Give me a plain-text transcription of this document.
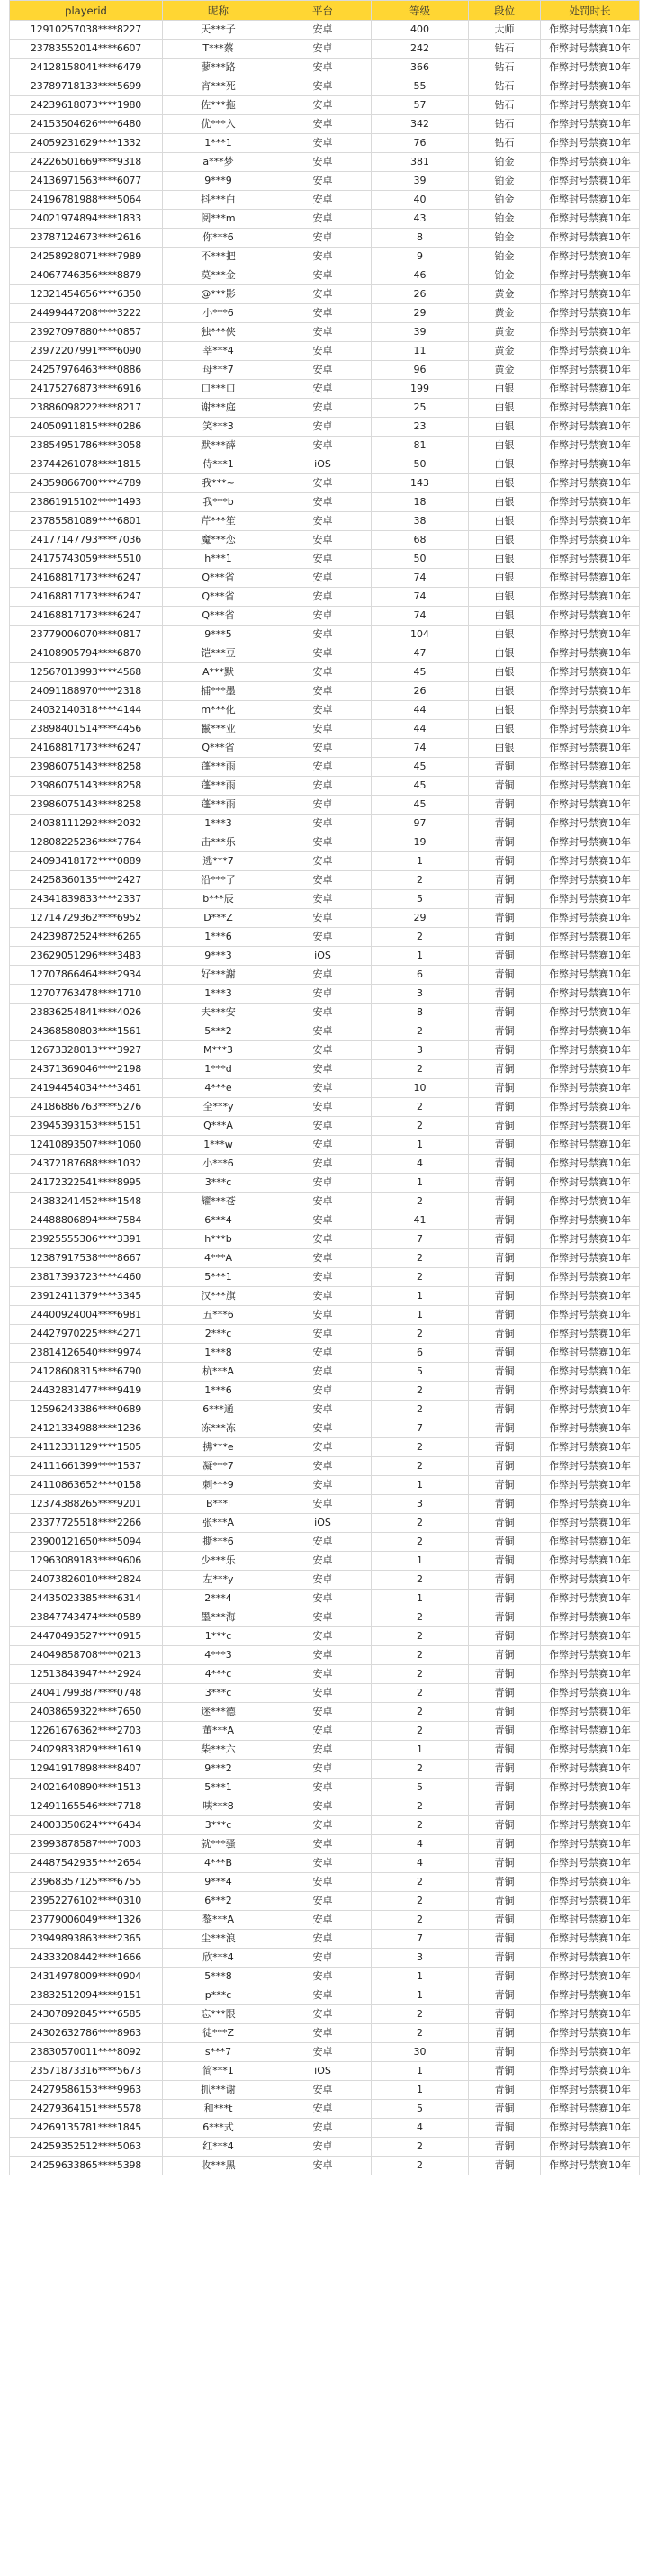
playerid	昵称	平台	等级	段位	处罚时长
12910257038****8227	天***子	安卓	400	大师	作弊封号禁赛10年
23783552014****6607	T***蔡	安卓	242	钻石	作弊封号禁赛10年
24128158041****6479	蓼***路	安卓	366	钻石	作弊封号禁赛10年
23789718133****5699	宵***死	安卓	55	钻石	作弊封号禁赛10年
24239618073****1980	佐***拖	安卓	57	钻石	作弊封号禁赛10年
24153504626****6480	优***入	安卓	342	钻石	作弊封号禁赛10年
24059231629****1332	1***1	安卓	76	钻石	作弊封号禁赛10年
24226501669****9318	a***梦	安卓	381	铂金	作弊封号禁赛10年
24136971563****6077	9***9	安卓	39	铂金	作弊封号禁赛10年
24196781988****5064	抖***白	安卓	40	铂金	作弊封号禁赛10年
24021974894****1833	阅***m	安卓	43	铂金	作弊封号禁赛10年
23787124673****2616	你***6	安卓	8	铂金	作弊封号禁赛10年
24258928071****7989	不***把	安卓	9	铂金	作弊封号禁赛10年
24067746356****8879	莫***金	安卓	46	铂金	作弊封号禁赛10年
12321454656****6350	@***影	安卓	26	黄金	作弊封号禁赛10年
24499447208****3222	小***6	安卓	29	黄金	作弊封号禁赛10年
23927097880****0857	独***侠	安卓	39	黄金	作弊封号禁赛10年
23972207991****6090	莘***4	安卓	11	黄金	作弊封号禁赛10年
24257976463****0886	母***7	安卓	96	黄金	作弊封号禁赛10年
24175276873****6916	口***口	安卓	199	白银	作弊封号禁赛10年
23886098222****8217	谢***庭	安卓	25	白银	作弊封号禁赛10年
24050911815****0286	笑***3	安卓	23	白银	作弊封号禁赛10年
23854951786****3058	默***薛	安卓	81	白银	作弊封号禁赛10年
23744261078****1815	侍***1	iOS	50	白银	作弊封号禁赛10年
24359866700****4789	我***~	安卓	143	白银	作弊封号禁赛10年
23861915102****1493	我***b	安卓	18	白银	作弊封号禁赛10年
23785581089****6801	芹***笙	安卓	38	白银	作弊封号禁赛10年
24177147793****7036	魔***恋	安卓	68	白银	作弊封号禁赛10年
24175743059****5510	h***1	安卓	50	白银	作弊封号禁赛10年
24168817173****6247	Q***省	安卓	74	白银	作弊封号禁赛10年
24168817173****6247	Q***省	安卓	74	白银	作弊封号禁赛10年
24168817173****6247	Q***省	安卓	74	白银	作弊封号禁赛10年
23779006070****0817	9***5	安卓	104	白银	作弊封号禁赛10年
24108905794****6870	铠***豆	安卓	47	白银	作弊封号禁赛10年
12567013993****4568	A***默	安卓	45	白银	作弊封号禁赛10年
24091188970****2318	捕***墨	安卓	26	白银	作弊封号禁赛10年
24032140318****4144	m***化	安卓	44	白银	作弊封号禁赛10年
23898401514****4456	鬣***业	安卓	44	白银	作弊封号禁赛10年
24168817173****6247	Q***省	安卓	74	白银	作弊封号禁赛10年
23986075143****8258	蓬***雨	安卓	45	青铜	作弊封号禁赛10年
23986075143****8258	蓬***雨	安卓	45	青铜	作弊封号禁赛10年
23986075143****8258	蓬***雨	安卓	45	青铜	作弊封号禁赛10年
24038111292****2032	1***3	安卓	97	青铜	作弊封号禁赛10年
12808225236****7764	击***乐	安卓	19	青铜	作弊封号禁赛10年
24093418172****0889	逃***7	安卓	1	青铜	作弊封号禁赛10年
24258360135****2427	沿***了	安卓	2	青铜	作弊封号禁赛10年
24341839833****2337	b***辰	安卓	5	青铜	作弊封号禁赛10年
12714729362****6952	D***Z	安卓	29	青铜	作弊封号禁赛10年
24239872524****6265	1***6	安卓	2	青铜	作弊封号禁赛10年
23629051296****3483	9***3	iOS	1	青铜	作弊封号禁赛10年
12707866464****2934	好***謝	安卓	6	青铜	作弊封号禁赛10年
12707763478****1710	1***3	安卓	3	青铜	作弊封号禁赛10年
23836254841****4026	夫***安	安卓	8	青铜	作弊封号禁赛10年
24368580803****1561	5***2	安卓	2	青铜	作弊封号禁赛10年
12673328013****3927	M***3	安卓	3	青铜	作弊封号禁赛10年
24371369046****2198	1***d	安卓	2	青铜	作弊封号禁赛10年
24194454034****3461	4***e	安卓	10	青铜	作弊封号禁赛10年
24186886763****5276	全***y	安卓	2	青铜	作弊封号禁赛10年
23945393153****5151	Q***A	安卓	2	青铜	作弊封号禁赛10年
12410893507****1060	1***w	安卓	1	青铜	作弊封号禁赛10年
24372187688****1032	小***6	安卓	4	青铜	作弊封号禁赛10年
24172322541****8995	3***c	安卓	1	青铜	作弊封号禁赛10年
24383241452****1548	耀***苍	安卓	2	青铜	作弊封号禁赛10年
24488806894****7584	6***4	安卓	41	青铜	作弊封号禁赛10年
23925555306****3391	h***b	安卓	7	青铜	作弊封号禁赛10年
12387917538****8667	4***A	安卓	2	青铜	作弊封号禁赛10年
23817393723****4460	5***1	安卓	2	青铜	作弊封号禁赛10年
23912411379****3345	汉***旗	安卓	1	青铜	作弊封号禁赛10年
24400924004****6981	五***6	安卓	1	青铜	作弊封号禁赛10年
24427970225****4271	2***c	安卓	2	青铜	作弊封号禁赛10年
23814126540****9974	1***8	安卓	6	青铜	作弊封号禁赛10年
24128608315****6790	杭***A	安卓	5	青铜	作弊封号禁赛10年
24432831477****9419	1***6	安卓	2	青铜	作弊封号禁赛10年
12596243386****0689	6***通	安卓	2	青铜	作弊封号禁赛10年
24121334988****1236	冻***冻	安卓	7	青铜	作弊封号禁赛10年
24112331129****1505	拂***e	安卓	2	青铜	作弊封号禁赛10年
24111661399****1537	凝***7	安卓	2	青铜	作弊封号禁赛10年
24110863652****0158	刺***9	安卓	1	青铜	作弊封号禁赛10年
12374388265****9201	B***l	安卓	3	青铜	作弊封号禁赛10年
23377725518****2266	张***A	iOS	2	青铜	作弊封号禁赛10年
23900121650****5094	撕***6	安卓	2	青铜	作弊封号禁赛10年
12963089183****9606	少***乐	安卓	1	青铜	作弊封号禁赛10年
24073826010****2824	左***y	安卓	2	青铜	作弊封号禁赛10年
24435023385****6314	2***4	安卓	1	青铜	作弊封号禁赛10年
23847743474****0589	墨***海	安卓	2	青铜	作弊封号禁赛10年
24470493527****0915	1***c	安卓	2	青铜	作弊封号禁赛10年
24049858708****0213	4***3	安卓	2	青铜	作弊封号禁赛10年
12513843947****2924	4***c	安卓	2	青铜	作弊封号禁赛10年
24041799387****0748	3***c	安卓	2	青铜	作弊封号禁赛10年
24038659322****7650	迷***德	安卓	2	青铜	作弊封号禁赛10年
12261676362****2703	董***A	安卓	2	青铜	作弊封号禁赛10年
24029833829****1619	柴***六	安卓	1	青铜	作弊封号禁赛10年
12941917898****8407	9***2	安卓	2	青铜	作弊封号禁赛10年
24021640890****1513	5***1	安卓	5	青铜	作弊封号禁赛10年
12491165546****7718	咦***8	安卓	2	青铜	作弊封号禁赛10年
24003350624****6434	3***c	安卓	2	青铜	作弊封号禁赛10年
23993878587****7003	就***骚	安卓	4	青铜	作弊封号禁赛10年
24487542935****2654	4***B	安卓	4	青铜	作弊封号禁赛10年
23968357125****6755	9***4	安卓	2	青铜	作弊封号禁赛10年
23952276102****0310	6***2	安卓	2	青铜	作弊封号禁赛10年
23779006049****1326	黎***A	安卓	2	青铜	作弊封号禁赛10年
23949893863****2365	尘***浪	安卓	7	青铜	作弊封号禁赛10年
24333208442****1666	欣***4	安卓	3	青铜	作弊封号禁赛10年
24314978009****0904	5***8	安卓	1	青铜	作弊封号禁赛10年
23832512094****9151	p***c	安卓	1	青铜	作弊封号禁赛10年
24307892845****6585	忘***限	安卓	2	青铜	作弊封号禁赛10年
24302632786****8963	徒***Z	安卓	2	青铜	作弊封号禁赛10年
23830570011****8092	s***7	安卓	30	青铜	作弊封号禁赛10年
23571873316****5673	简***1	iOS	1	青铜	作弊封号禁赛10年
24279586153****9963	抓***谢	安卓	1	青铜	作弊封号禁赛10年
24279364151****5578	和***t	安卓	5	青铜	作弊封号禁赛10年
24269135781****1845	6***式	安卓	4	青铜	作弊封号禁赛10年
24259352512****5063	红***4	安卓	2	青铜	作弊封号禁赛10年
24259633865****5398	收***黑	安卓	2	青铜	作弊封号禁赛10年
